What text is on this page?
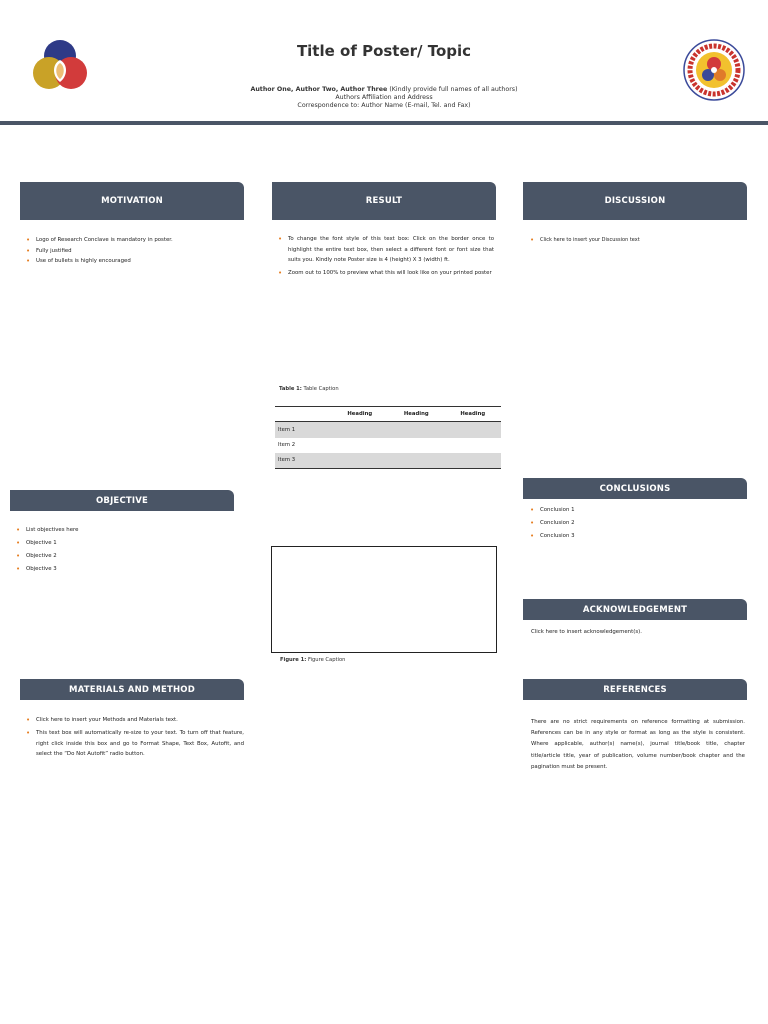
Title of Poster/ Topic
Author One, Author Two, Author Three (Kindly provide full names of all authors)
Authors Affiliation and Address
Correspondence to: Author Name (E-mail, Tel. and Fax)
MOTIVATION
• Logo of Research Conclave is mandatory in poster.
• Fully justified
• Use of bullets is highly encouraged
OBJECTIVE
• List objectives here
• Objective 1
• Objective 2
• Objective 3
MATERIALS AND METHOD
• Click here to insert your Methods and Materials text.
• This text box will automatically re-size to your text. To turn off that feature, right click inside this box and go to Format Shape, Text Box, Autofit, and select the “Do Not Autofit” radio button.
RESULT
• To change the font style of this text box: Click on the border once to highlight the entire text box, then select a different font or font size that suits you. Kindly note Poster size is 4 (height) X 3 (width) ft.
• Zoom out to 100% to preview what this will look like on your printed poster
Table 1: Table Caption
Heading	Heading	Heading
Item 1
Item 2
Item 3
Figure 1: Figure Caption
DISCUSSION
• Click here to insert your Discussion text
CONCLUSIONS
• Conclusion 1
• Conclusion 2
• Conclusion 3
ACKNOWLEDGEMENT
Click here to insert acknowledgement(s).
REFERENCES
There are no strict requirements on reference formatting at submission. References can be in any style or format as long as the style is consistent. Where applicable, author(s) name(s), journal title/book title, chapter title/article title, year of publication, volume number/book chapter and the pagination must be present.
